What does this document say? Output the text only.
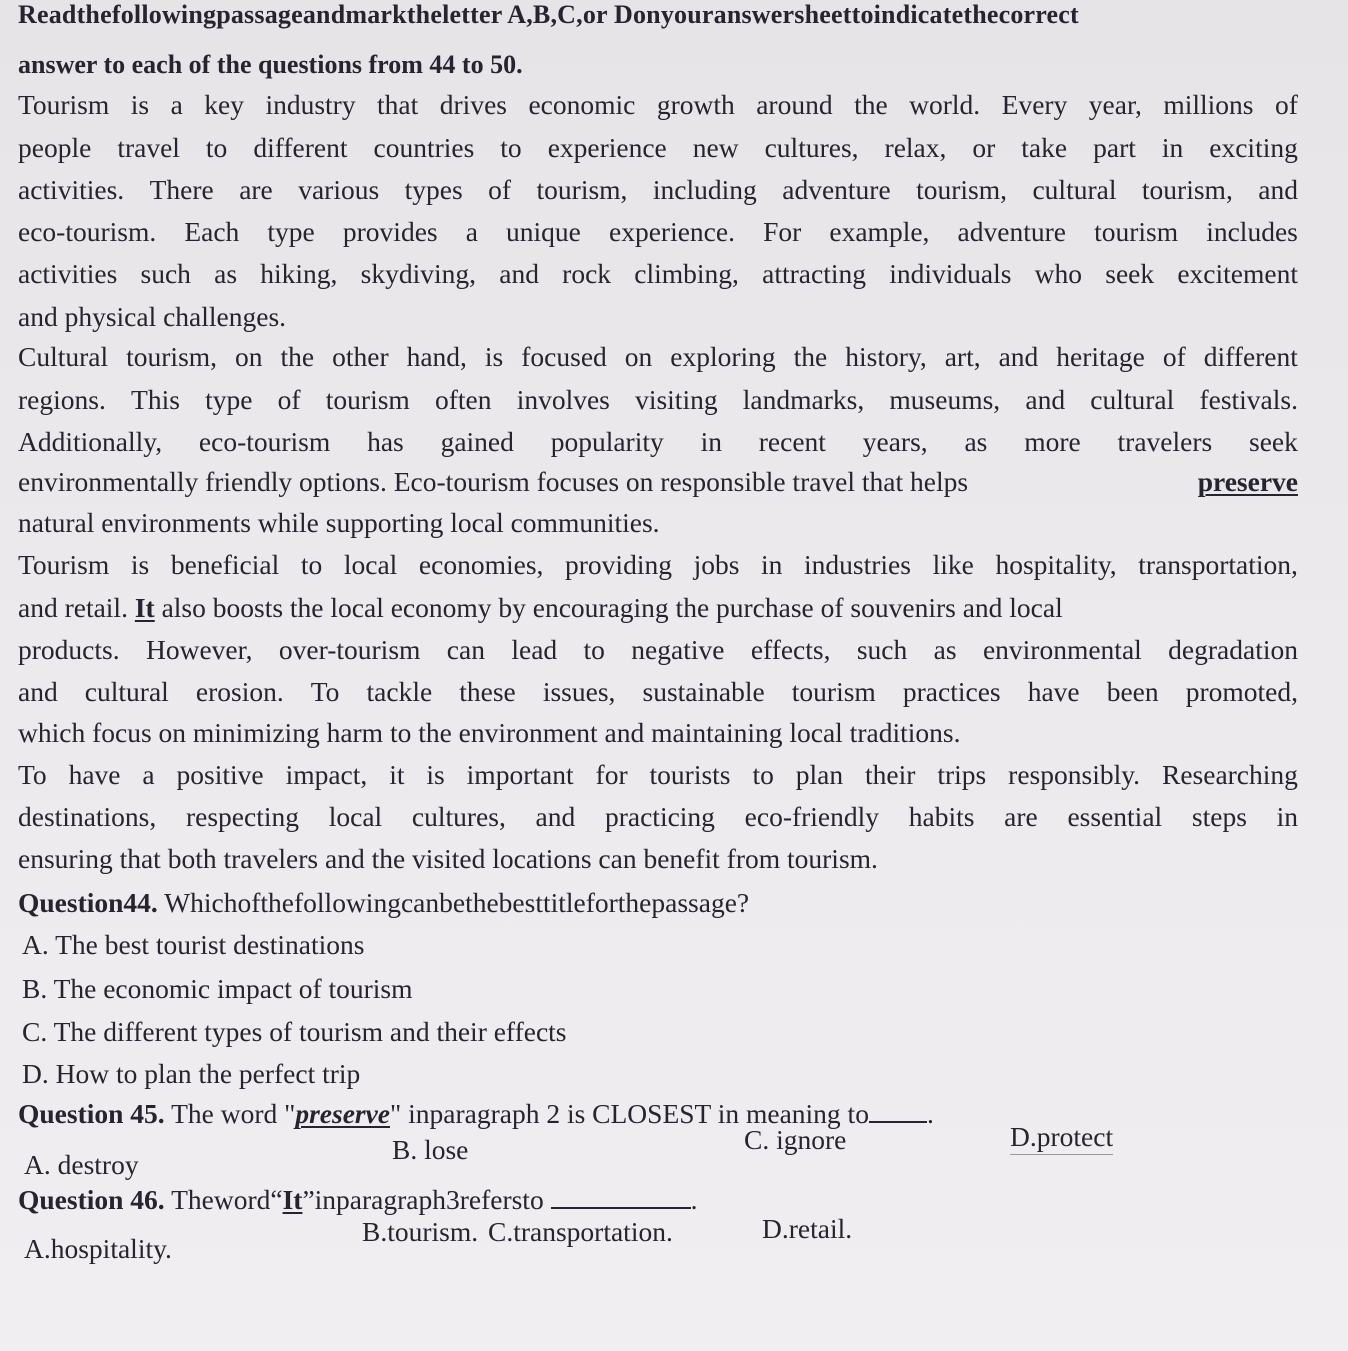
Readthefollowingpassageandmarktheletter A,B,C,or Donyouranswersheettoindicatethecorrect
answer to each of the questions from 44 to 50.
Tourism is a key industry that drives economic growth around the world. Every year, millions of
people travel to different countries to experience new cultures, relax, or take part in exciting
activities. There are various types of tourism, including adventure tourism, cultural tourism, and
eco-tourism. Each type provides a unique experience. For example, adventure tourism includes
activities such as hiking, skydiving, and rock climbing, attracting individuals who seek excitement
and physical challenges.
Cultural tourism, on the other hand, is focused on exploring the history, art, and heritage of different
regions. This type of tourism often involves visiting landmarks, museums, and cultural festivals.
Additionally, eco-tourism has gained popularity in recent years, as more travelers seek
environmentally friendly options. Eco-tourism focuses on responsible travel that helps	preserve
natural environments while supporting local communities.
Tourism is beneficial to local economies, providing jobs in industries like hospitality, transportation,
and retail. It also boosts the local economy by encouraging the purchase of souvenirs and local
products. However, over-tourism can lead to negative effects, such as environmental degradation
and cultural erosion. To tackle these issues, sustainable tourism practices have been promoted,
which focus on minimizing harm to the environment and maintaining local traditions.
To have a positive impact, it is important for tourists to plan their trips responsibly. Researching
destinations, respecting local cultures, and practicing eco-friendly habits are essential steps in
ensuring that both travelers and the visited locations can benefit from tourism.
Question44. Whichofthefollowingcanbethebesttitleforthepassage?
A. The best tourist destinations
B. The economic impact of tourism
C. The different types of tourism and their effects
D. How to plan the perfect trip
Question 45. The word "preserve" inparagraph 2 is CLOSEST in meaning to .
A. destroy	B. lose	C. ignore	D.protect
Question 46. Theword“It”inparagraph3refersto	.
A.hospitality.
B.tourism. C.transportation.	D.retail.
